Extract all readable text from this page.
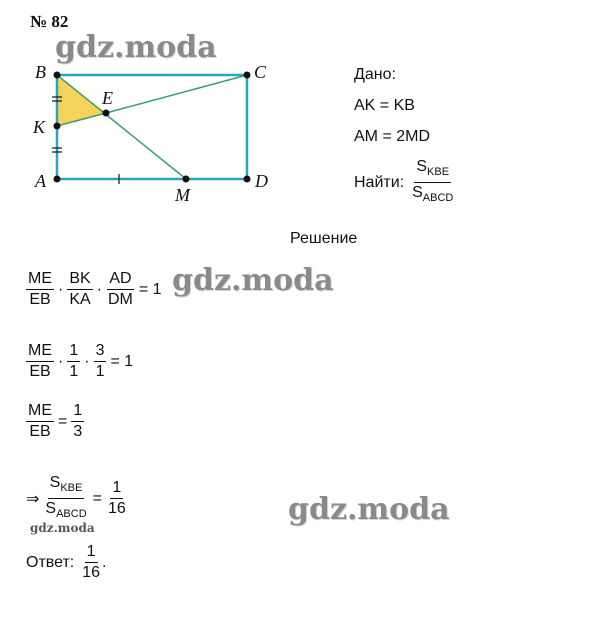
№ 82
B	C
E
K
A
M
D
gdz.moda
gdz.moda
gdz.moda
gdz.moda
Дано:
AK = KB
AM = 2MD
Найти: $\frac{S_{KBE}}{S_{ABCD}}$
Решение
$\frac{ME}{EB} \cdot \frac{BK}{KA} \cdot \frac{AD}{DM} = 1$
$\frac{ME}{EB} \cdot \frac{1}{1} \cdot \frac{3}{1} = 1$
$\frac{ME}{EB} = \frac{1}{3}$
⇒ $\frac{S_{KBE}}{S_{ABCD}} = \frac{1}{16}$
Ответ: $\frac{1}{16}$ .
